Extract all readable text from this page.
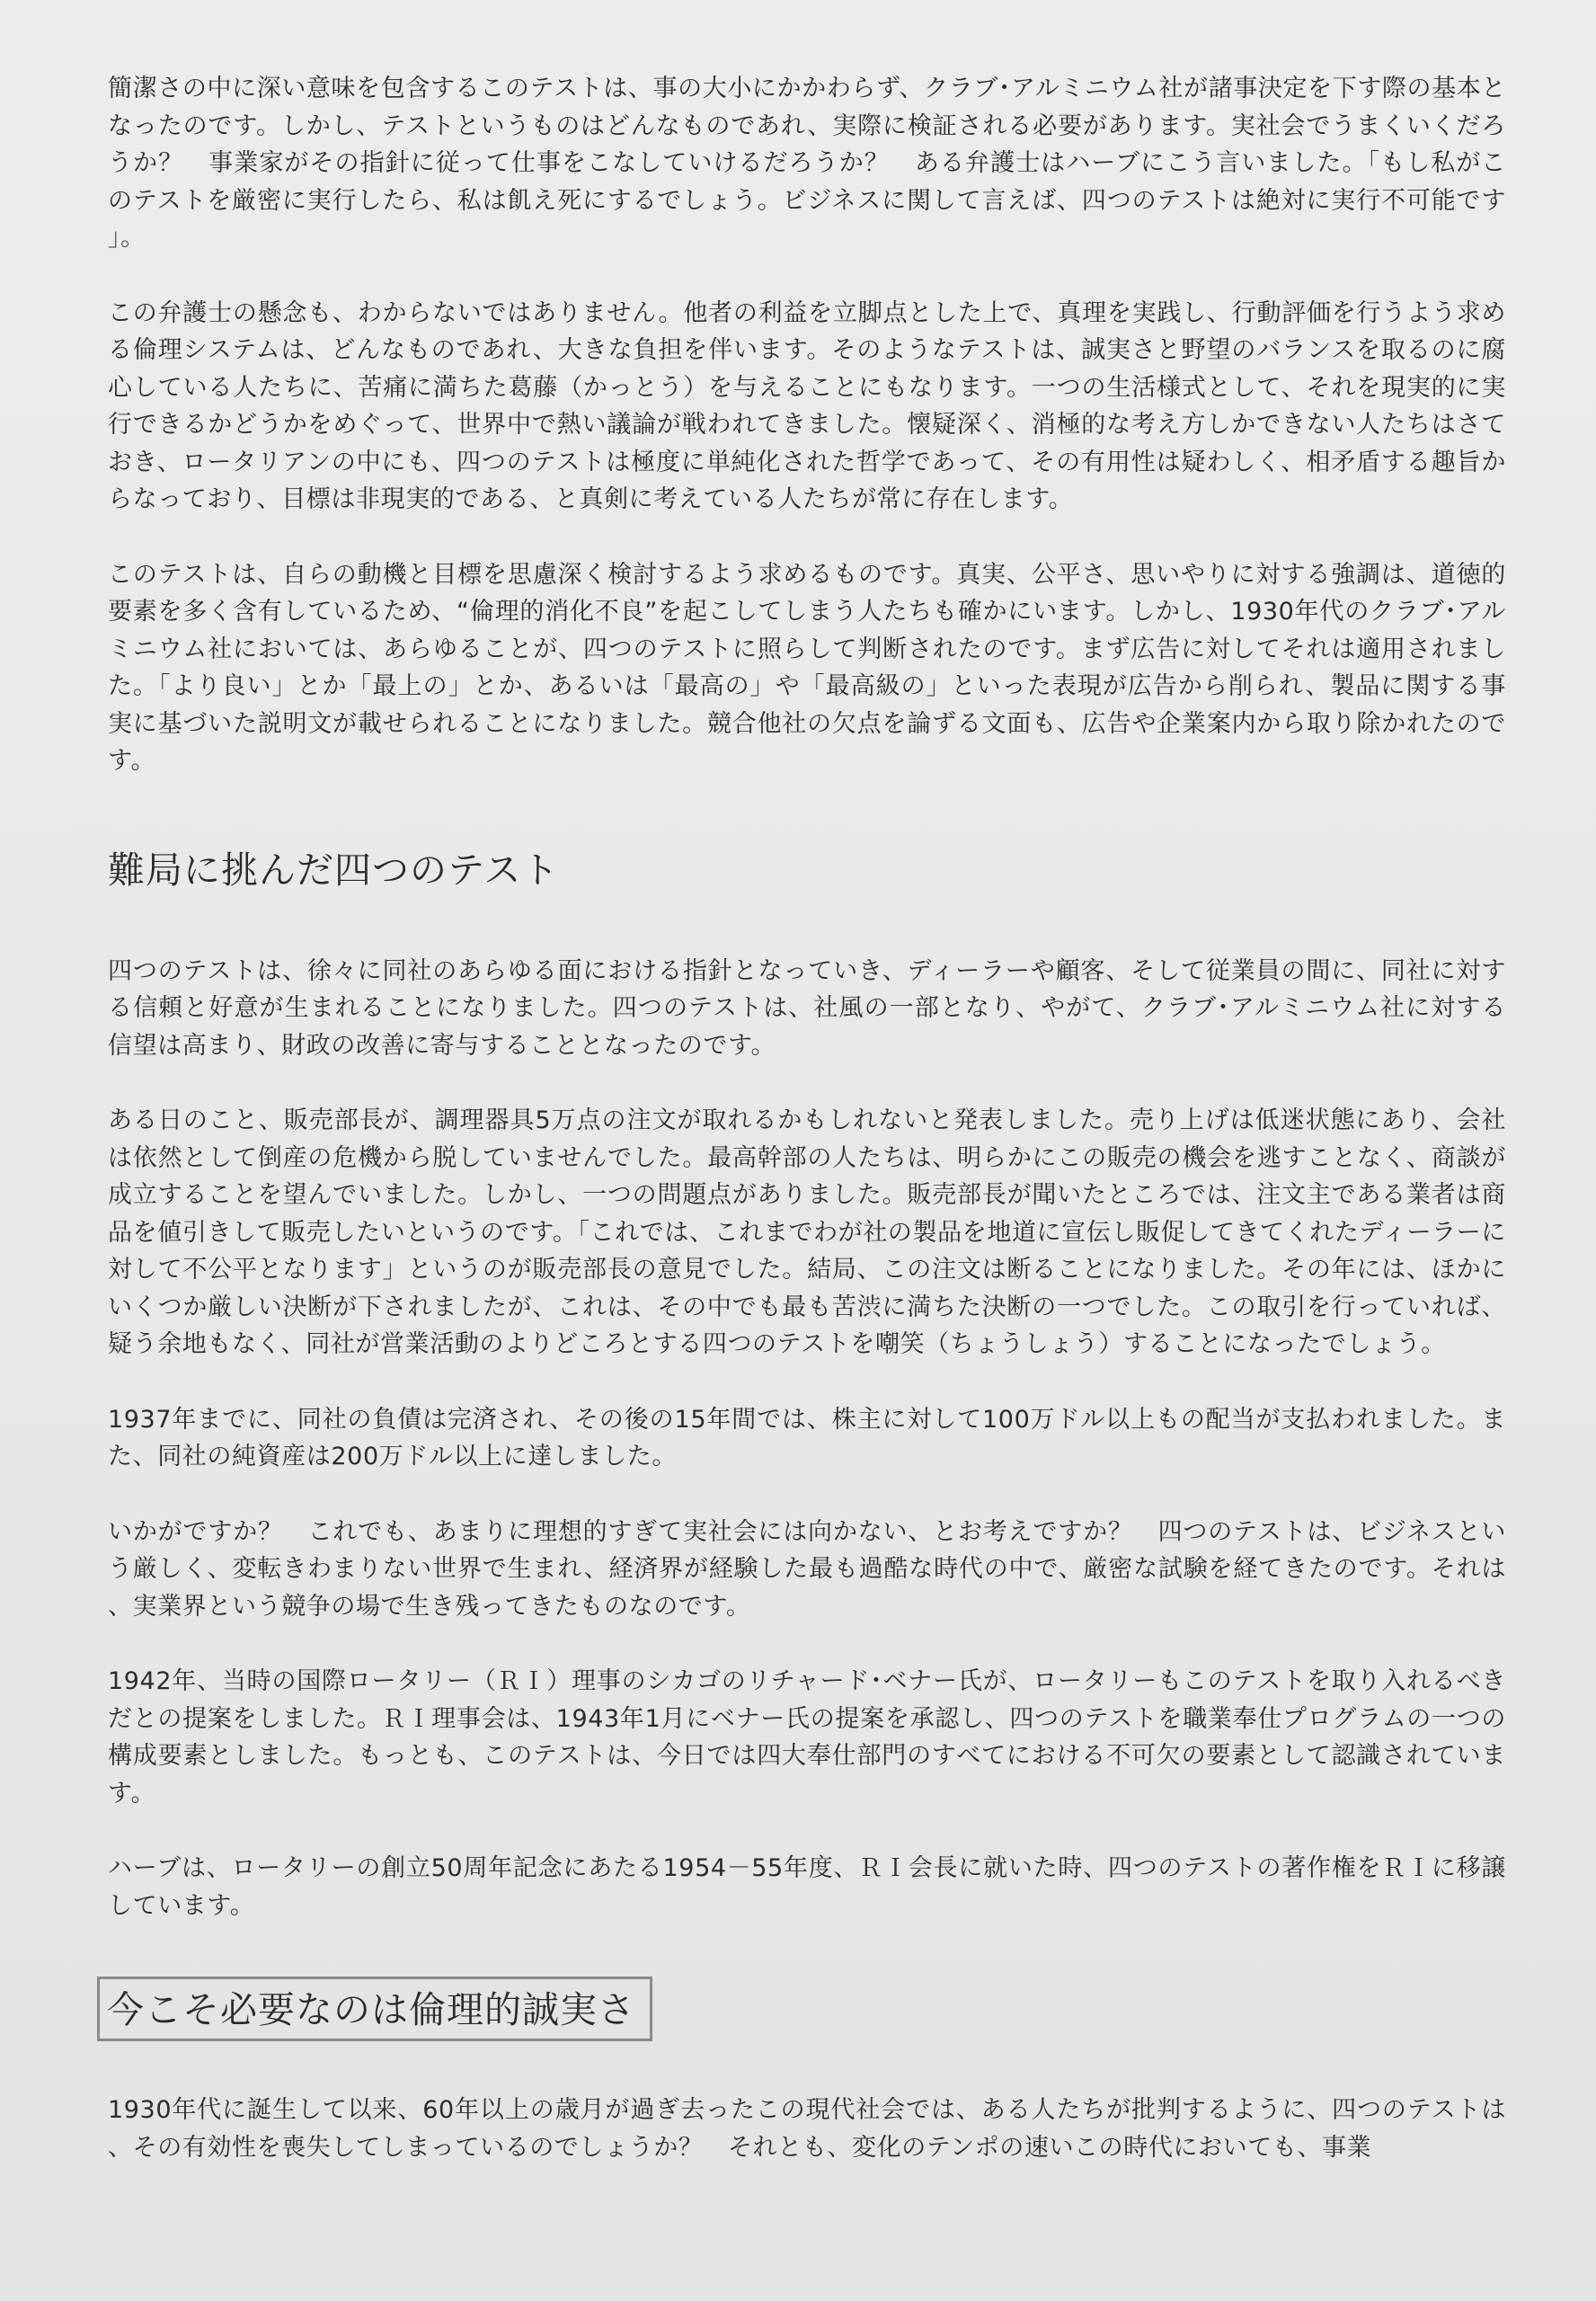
簡潔さの中に深い意味を包含するこのテストは、事の大小にかかわらず、クラブ･アルミニウム社が諸事決定を下す際の基本となったのです。しかし、テストというものはどんなものであれ、実際に検証される必要があります。実社会でうまくいくだろうか？　事業家がその指針に従って仕事をこなしていけるだろうか？　ある弁護士はハーブにこう言いました。「もし私がこのテストを厳密に実行したら、私は飢え死にするでしょう。ビジネスに関して言えば、四つのテストは絶対に実行不可能です」。

この弁護士の懸念も、わからないではありません。他者の利益を立脚点とした上で、真理を実践し、行動評価を行うよう求める倫理システムは、どんなものであれ、大きな負担を伴います。そのようなテストは、誠実さと野望のバランスを取るのに腐心している人たちに、苦痛に満ちた葛藤（かっとう）を与えることにもなります。一つの生活様式として、それを現実的に実行できるかどうかをめぐって、世界中で熱い議論が戦われてきました。懐疑深く、消極的な考え方しかできない人たちはさておき、ロータリアンの中にも、四つのテストは極度に単純化された哲学であって、その有用性は疑わしく、相矛盾する趣旨からなっており、目標は非現実的である、と真剣に考えている人たちが常に存在します。

このテストは、自らの動機と目標を思慮深く検討するよう求めるものです。真実、公平さ、思いやりに対する強調は、道徳的要素を多く含有しているため、“倫理的消化不良”を起こしてしまう人たちも確かにいます。しかし、1930年代のクラブ･アルミニウム社においては、あらゆることが、四つのテストに照らして判断されたのです。まず広告に対してそれは適用されました。「より良い」とか「最上の」とか、あるいは「最高の」や「最高級の」といった表現が広告から削られ、製品に関する事実に基づいた説明文が載せられることになりました。競合他社の欠点を論ずる文面も、広告や企業案内から取り除かれたのです。

難局に挑んだ四つのテスト

四つのテストは、徐々に同社のあらゆる面における指針となっていき、ディーラーや顧客、そして従業員の間に、同社に対する信頼と好意が生まれることになりました。四つのテストは、社風の一部となり、やがて、クラブ･アルミニウム社に対する信望は高まり、財政の改善に寄与することとなったのです。

ある日のこと、販売部長が、調理器具5万点の注文が取れるかもしれないと発表しました。売り上げは低迷状態にあり、会社は依然として倒産の危機から脱していませんでした。最高幹部の人たちは、明らかにこの販売の機会を逃すことなく、商談が成立することを望んでいました。しかし、一つの問題点がありました。販売部長が聞いたところでは、注文主である業者は商品を値引きして販売したいというのです。「これでは、これまでわが社の製品を地道に宣伝し販促してきてくれたディーラーに対して不公平となります」というのが販売部長の意見でした。結局、この注文は断ることになりました。その年には、ほかにいくつか厳しい決断が下されましたが、これは、その中でも最も苦渋に満ちた決断の一つでした。この取引を行っていれば、疑う余地もなく、同社が営業活動のよりどころとする四つのテストを嘲笑（ちょうしょう）することになったでしょう。

1937年までに、同社の負債は完済され、その後の15年間では、株主に対して100万ドル以上もの配当が支払われました。また、同社の純資産は200万ドル以上に達しました。

いかがですか？　これでも、あまりに理想的すぎて実社会には向かない、とお考えですか？　四つのテストは、ビジネスという厳しく、変転きわまりない世界で生まれ、経済界が経験した最も過酷な時代の中で、厳密な試験を経てきたのです。それは、実業界という競争の場で生き残ってきたものなのです。

1942年、当時の国際ロータリー（ＲＩ）理事のシカゴのリチャード･ベナー氏が、ロータリーもこのテストを取り入れるべきだとの提案をしました。ＲＩ理事会は、1943年1月にベナー氏の提案を承認し、四つのテストを職業奉仕プログラムの一つの構成要素としました。もっとも、このテストは、今日では四大奉仕部門のすべてにおける不可欠の要素として認識されています。

ハーブは、ロータリーの創立50周年記念にあたる1954－55年度、ＲＩ会長に就いた時、四つのテストの著作権をＲＩに移譲しています。

今こそ必要なのは倫理的誠実さ

1930年代に誕生して以来、60年以上の歳月が過ぎ去ったこの現代社会では、ある人たちが批判するように、四つのテストは、その有効性を喪失してしまっているのでしょうか？　それとも、変化のテンポの速いこの時代においても、事業
